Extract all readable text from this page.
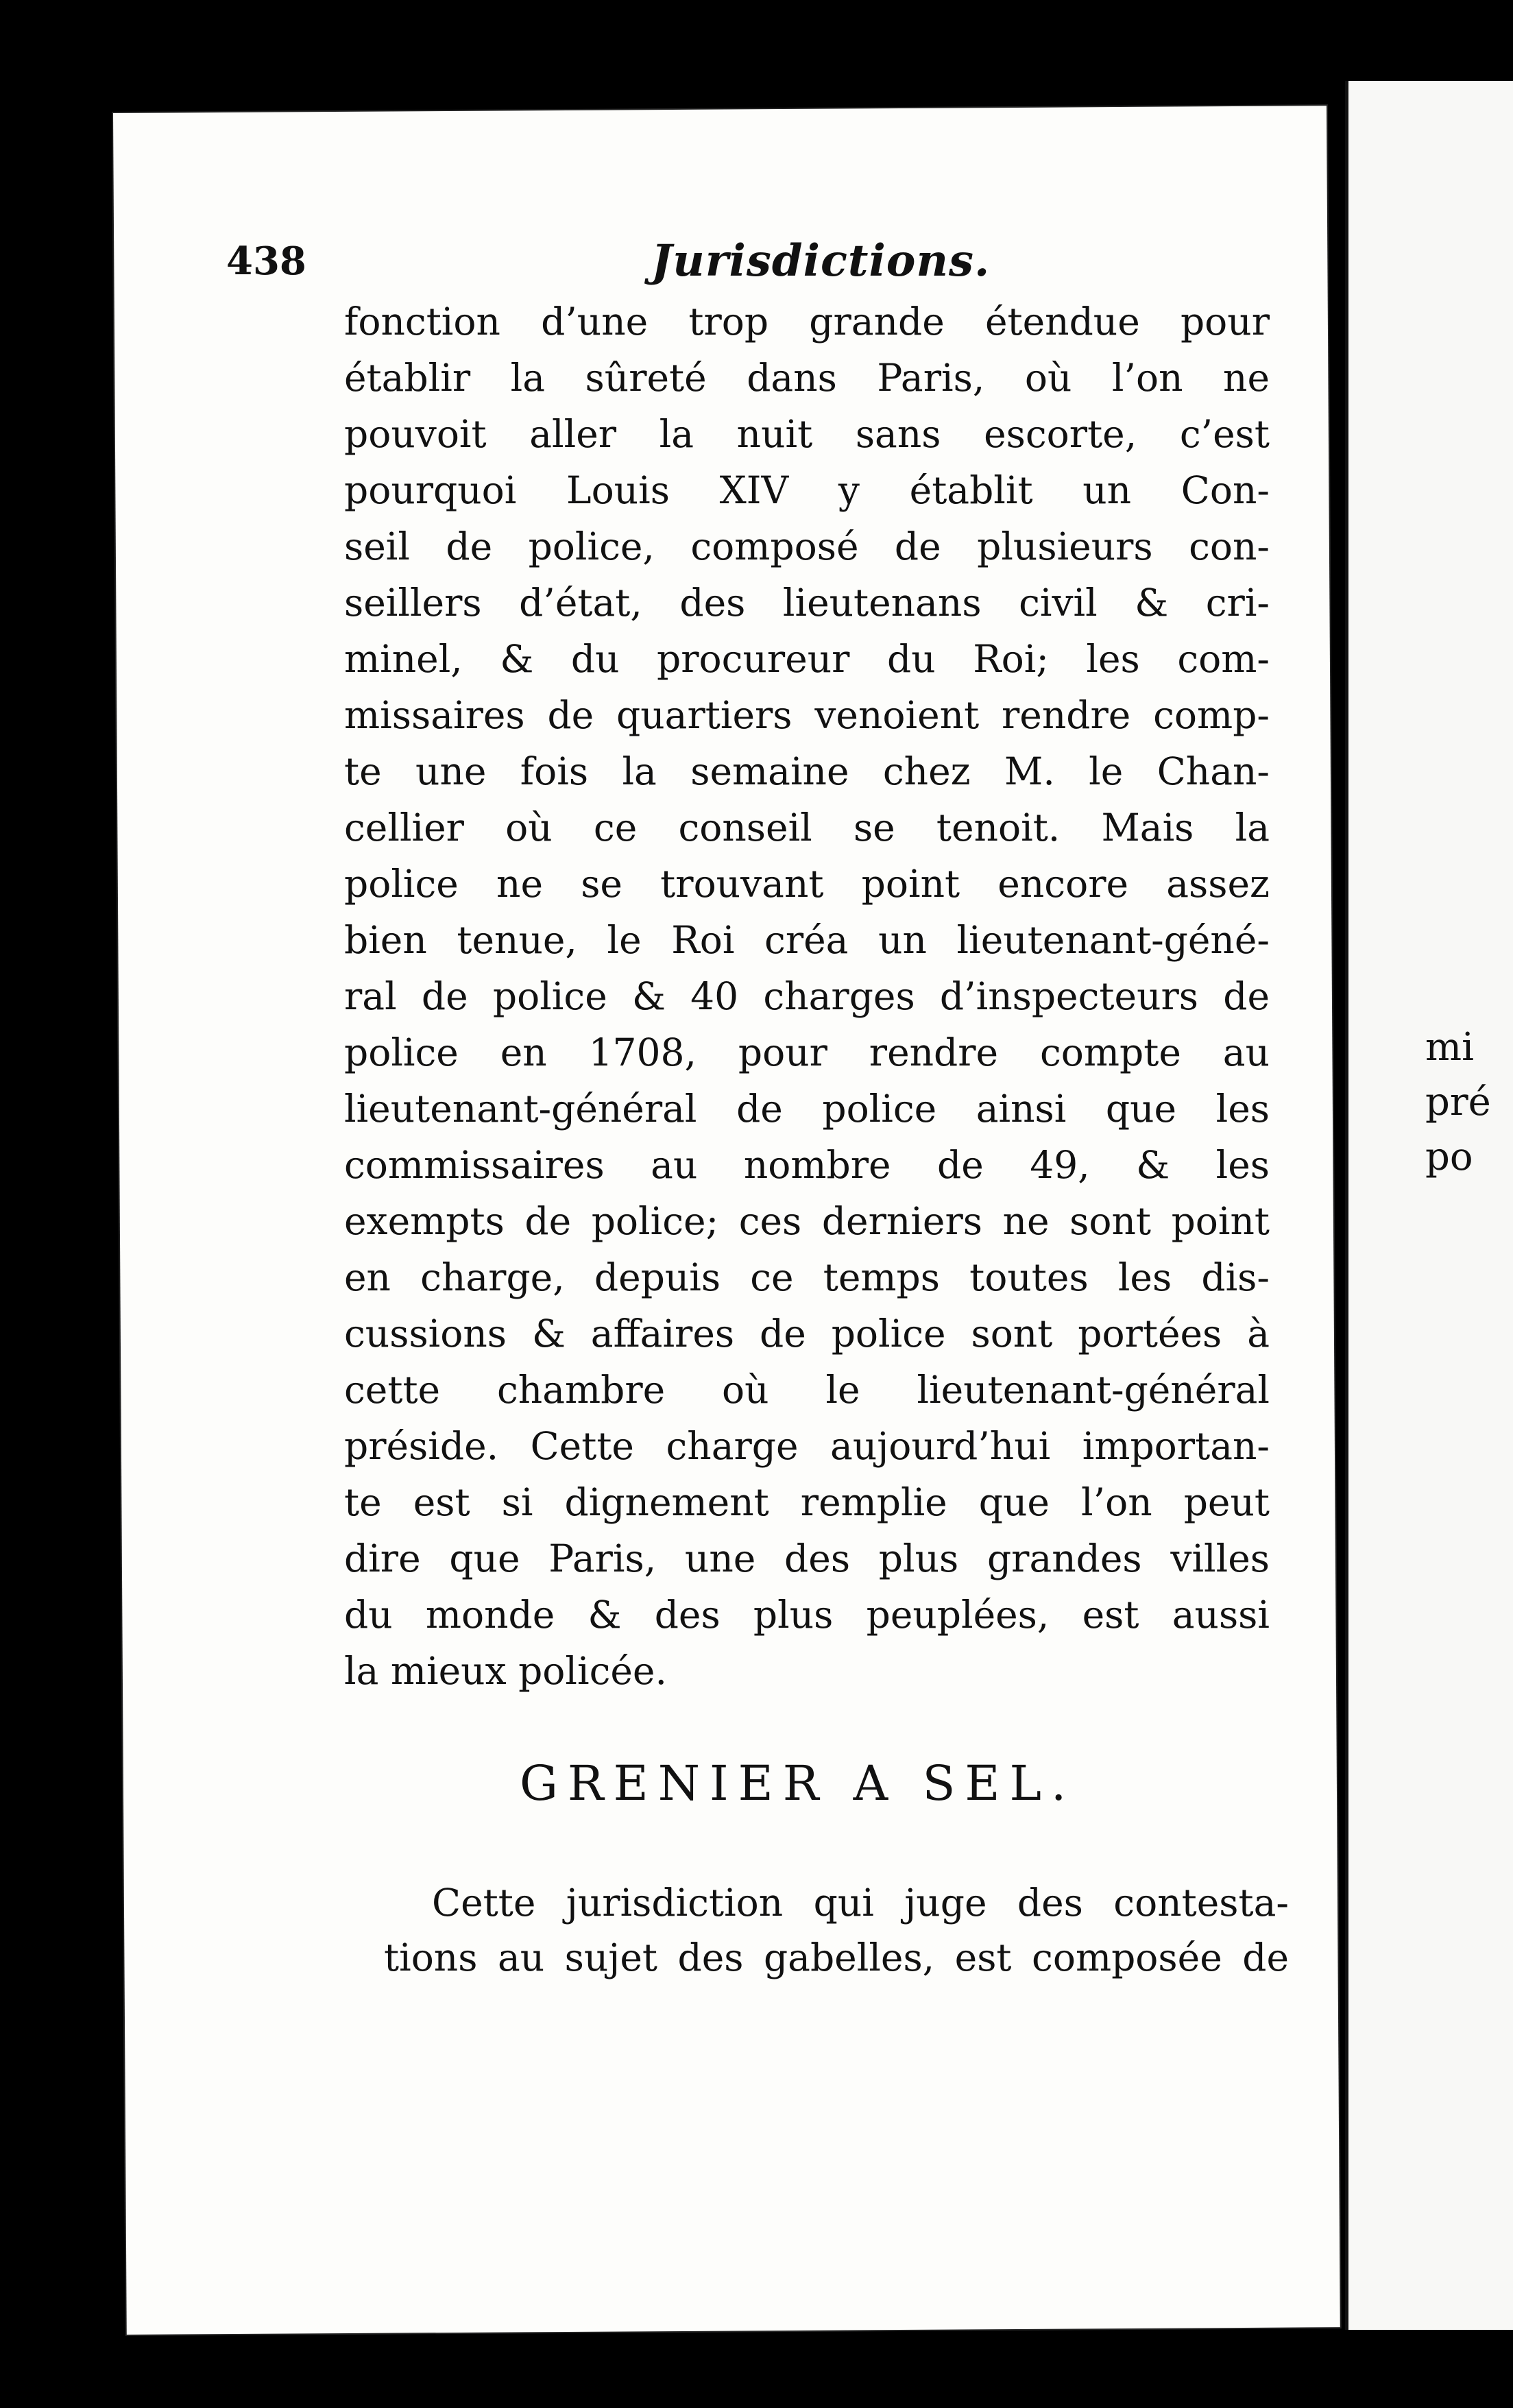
mi
pré
po
438	Jurisdictions.
fonction d’une trop grande étendue pour
établir la sûreté dans Paris, où l’on ne
pouvoit aller la nuit sans escorte, c’est
pourquoi Louis XIV y établit un Con-
seil de police, composé de plusieurs con-
seillers d’état, des lieutenans civil & cri-
minel, & du procureur du Roi; les com-
missaires de quartiers venoient rendre comp-
te une fois la semaine chez M. le Chan-
cellier où ce conseil se tenoit. Mais la
police ne se trouvant point encore assez
bien tenue, le Roi créa un lieutenant-géné-
ral de police & 40 charges d’inspecteurs de
police en 1708, pour rendre compte au
lieutenant-général de police ainsi que les
commissaires au nombre de 49, & les
exempts de police; ces derniers ne sont point
en charge, depuis ce temps toutes les dis-
cussions & affaires de police sont portées à
cette chambre où le lieutenant-général
préside. Cette charge aujourd’hui importan-
te est si dignement remplie que l’on peut
dire que Paris, une des plus grandes villes
du monde & des plus peuplées, est aussi
la mieux policée.
GRENIER A SEL.
Cette jurisdiction qui juge des contesta-
tions au sujet des gabelles, est composée de
